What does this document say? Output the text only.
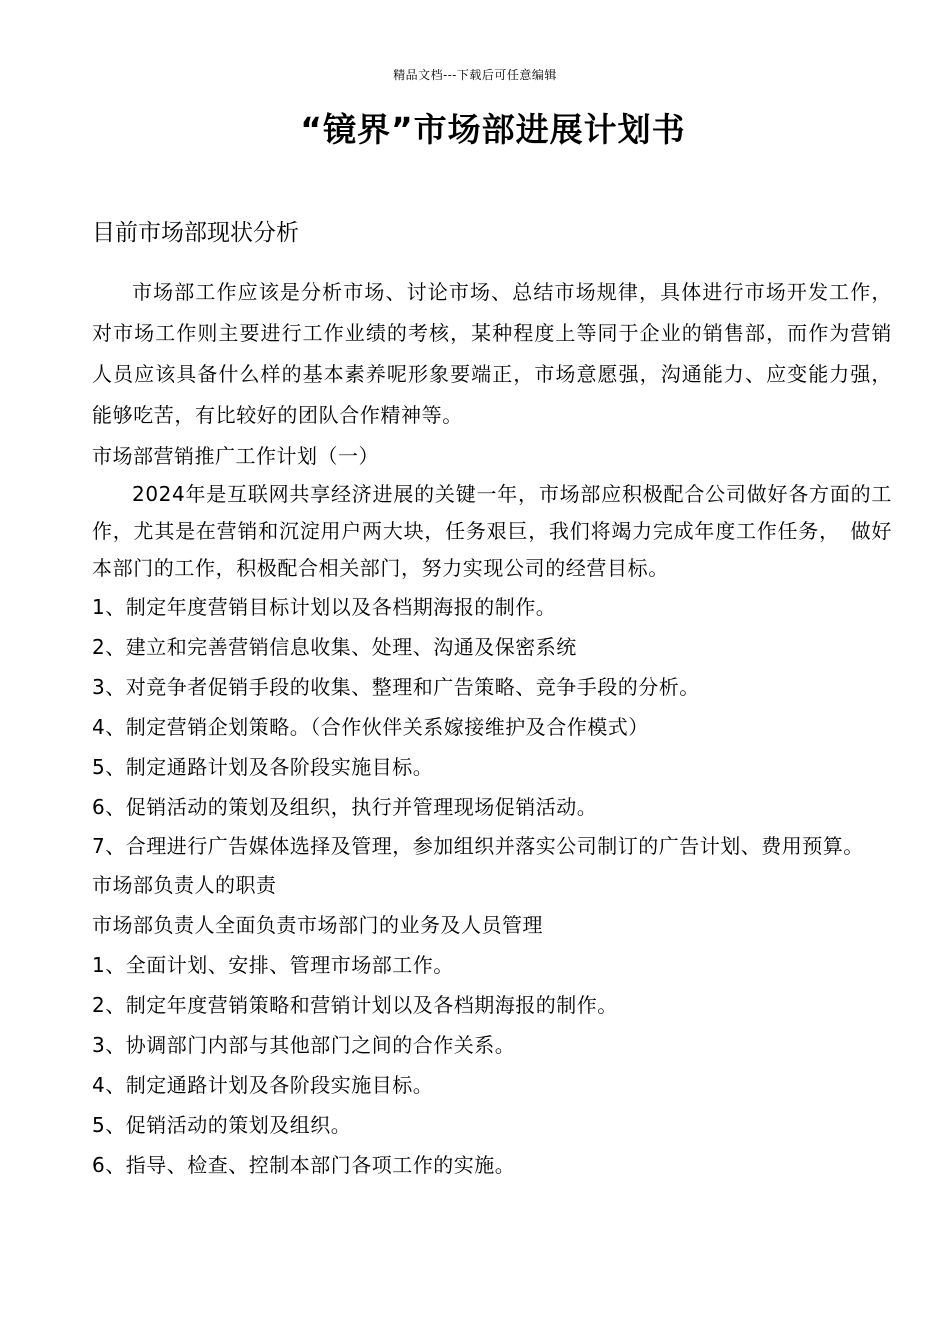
精品文档---下载后可任意编辑
“镜界”市场部进展计划书
目前市场部现状分析

市场部工作应该是分析市场、讨论市场、总结市场规律，具体进行市场开发工作，对市场工作则主要进行工作业绩的考核，某种程度上等同于企业的销售部，而作为营销人员应该具备什么样的基本素养呢形象要端正，市场意愿强，沟通能力、应变能力强，能够吃苦，有比较好的团队合作精神等。

市场部营销推广工作计划（一）

2024年是互联网共享经济进展的关键一年，市场部应积极配合公司做好各方面的工作，尤其是在营销和沉淀用户两大块，任务艰巨，我们将竭力完成年度工作任务，　做好本部门的工作，积极配合相关部门，努力实现公司的经营目标。

1、制定年度营销目标计划以及各档期海报的制作。

2、建立和完善营销信息收集、处理、沟通及保密系统

3、对竞争者促销手段的收集、整理和广告策略、竞争手段的分析。

4、制定营销企划策略。（合作伙伴关系嫁接维护及合作模式）

5、制定通路计划及各阶段实施目标。

6、促销活动的策划及组织，执行并管理现场促销活动。

7、合理进行广告媒体选择及管理，参加组织并落实公司制订的广告计划、费用预算。

市场部负责人的职责

市场部负责人全面负责市场部门的业务及人员管理

1、全面计划、安排、管理市场部工作。

2、制定年度营销策略和营销计划以及各档期海报的制作。

3、协调部门内部与其他部门之间的合作关系。

4、制定通路计划及各阶段实施目标。

5、促销活动的策划及组织。

6、指导、检查、控制本部门各项工作的实施。
